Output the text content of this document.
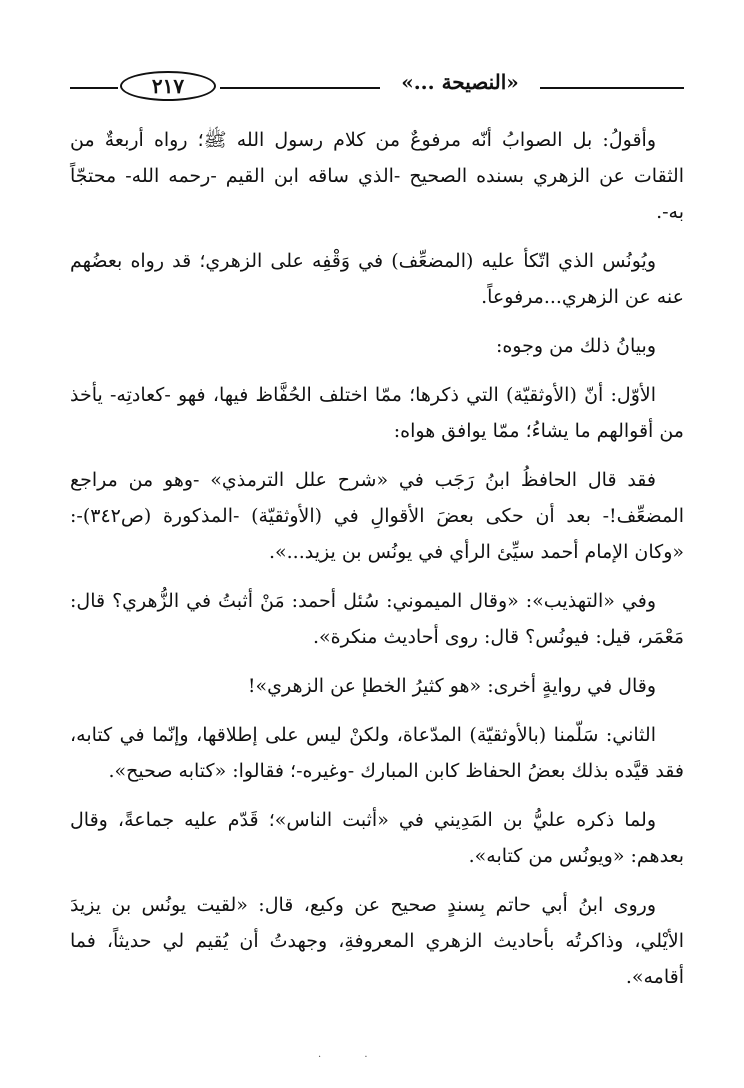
٢١٧	«النصيحة ...»

وأقولُ: بل الصوابُ أنّه مرفوعٌ من كلام رسول الله ﷺ؛ رواه أربعةٌ من الثقات عن الزهري بسنده الصحيح -الذي ساقه ابن القيم -رحمه الله- محتجّاً به-.

ويُونُس الذي اتّكأ عليه (المضعِّف) في وَقْفِه على الزهري؛ قد رواه بعضُهم عنه عن الزهري...مرفوعاً.

وبيانُ ذلك من وجوه:

الأوّل: أنّ (الأوثقيّة) التي ذكرها؛ ممّا اختلف الحُفَّاظ فيها، فهو -كعادتِه- يأخذ من أقوالهم ما يشاءُ؛ ممّا يوافق هواه:

فقد قال الحافظُ ابنُ رَجَب في «شرح علل الترمذي» -وهو من مراجع المضعِّف!- بعد أن حكى بعضَ الأقوالِ في (الأوثقيّة) -المذكورة (ص٣٤٢)-: «وكان الإمام أحمد سيِّئ الرأي في يونُس بن يزيد...».

وفي «التهذيب»: «وقال الميموني: سُئل أحمد: مَنْ أثبتُ في الزُّهري؟ قال: مَعْمَر، قيل: فيونُس؟ قال: روى أحاديث منكرة».

وقال في روايةٍ أخرى: «هو كثيرُ الخطإ عن الزهري»!

الثاني: سَلّمنا (بالأوثقيّة) المدّعاة، ولكنْ ليس على إطلاقها، وإنّما في كتابه، فقد قيَّده بذلك بعضُ الحفاظ كابن المبارك -وغيره-؛ فقالوا: «كتابه صحيح».

ولما ذكره عليُّ بن المَدِيني في «أثبت الناس»؛ قَدّم عليه جماعةً، وقال بعدهم: «ويونُس من كتابه».

وروى ابنُ أبي حاتم بِسندٍ صحيح عن وكيع، قال: «لقيت يونُس بن يزيدَ الأيْلي، وذاكرتُه بأحاديث الزهري المعروفةِ، وجهدتُ أن يُقيم لي حديثاً، فما أقامه».

· ·
